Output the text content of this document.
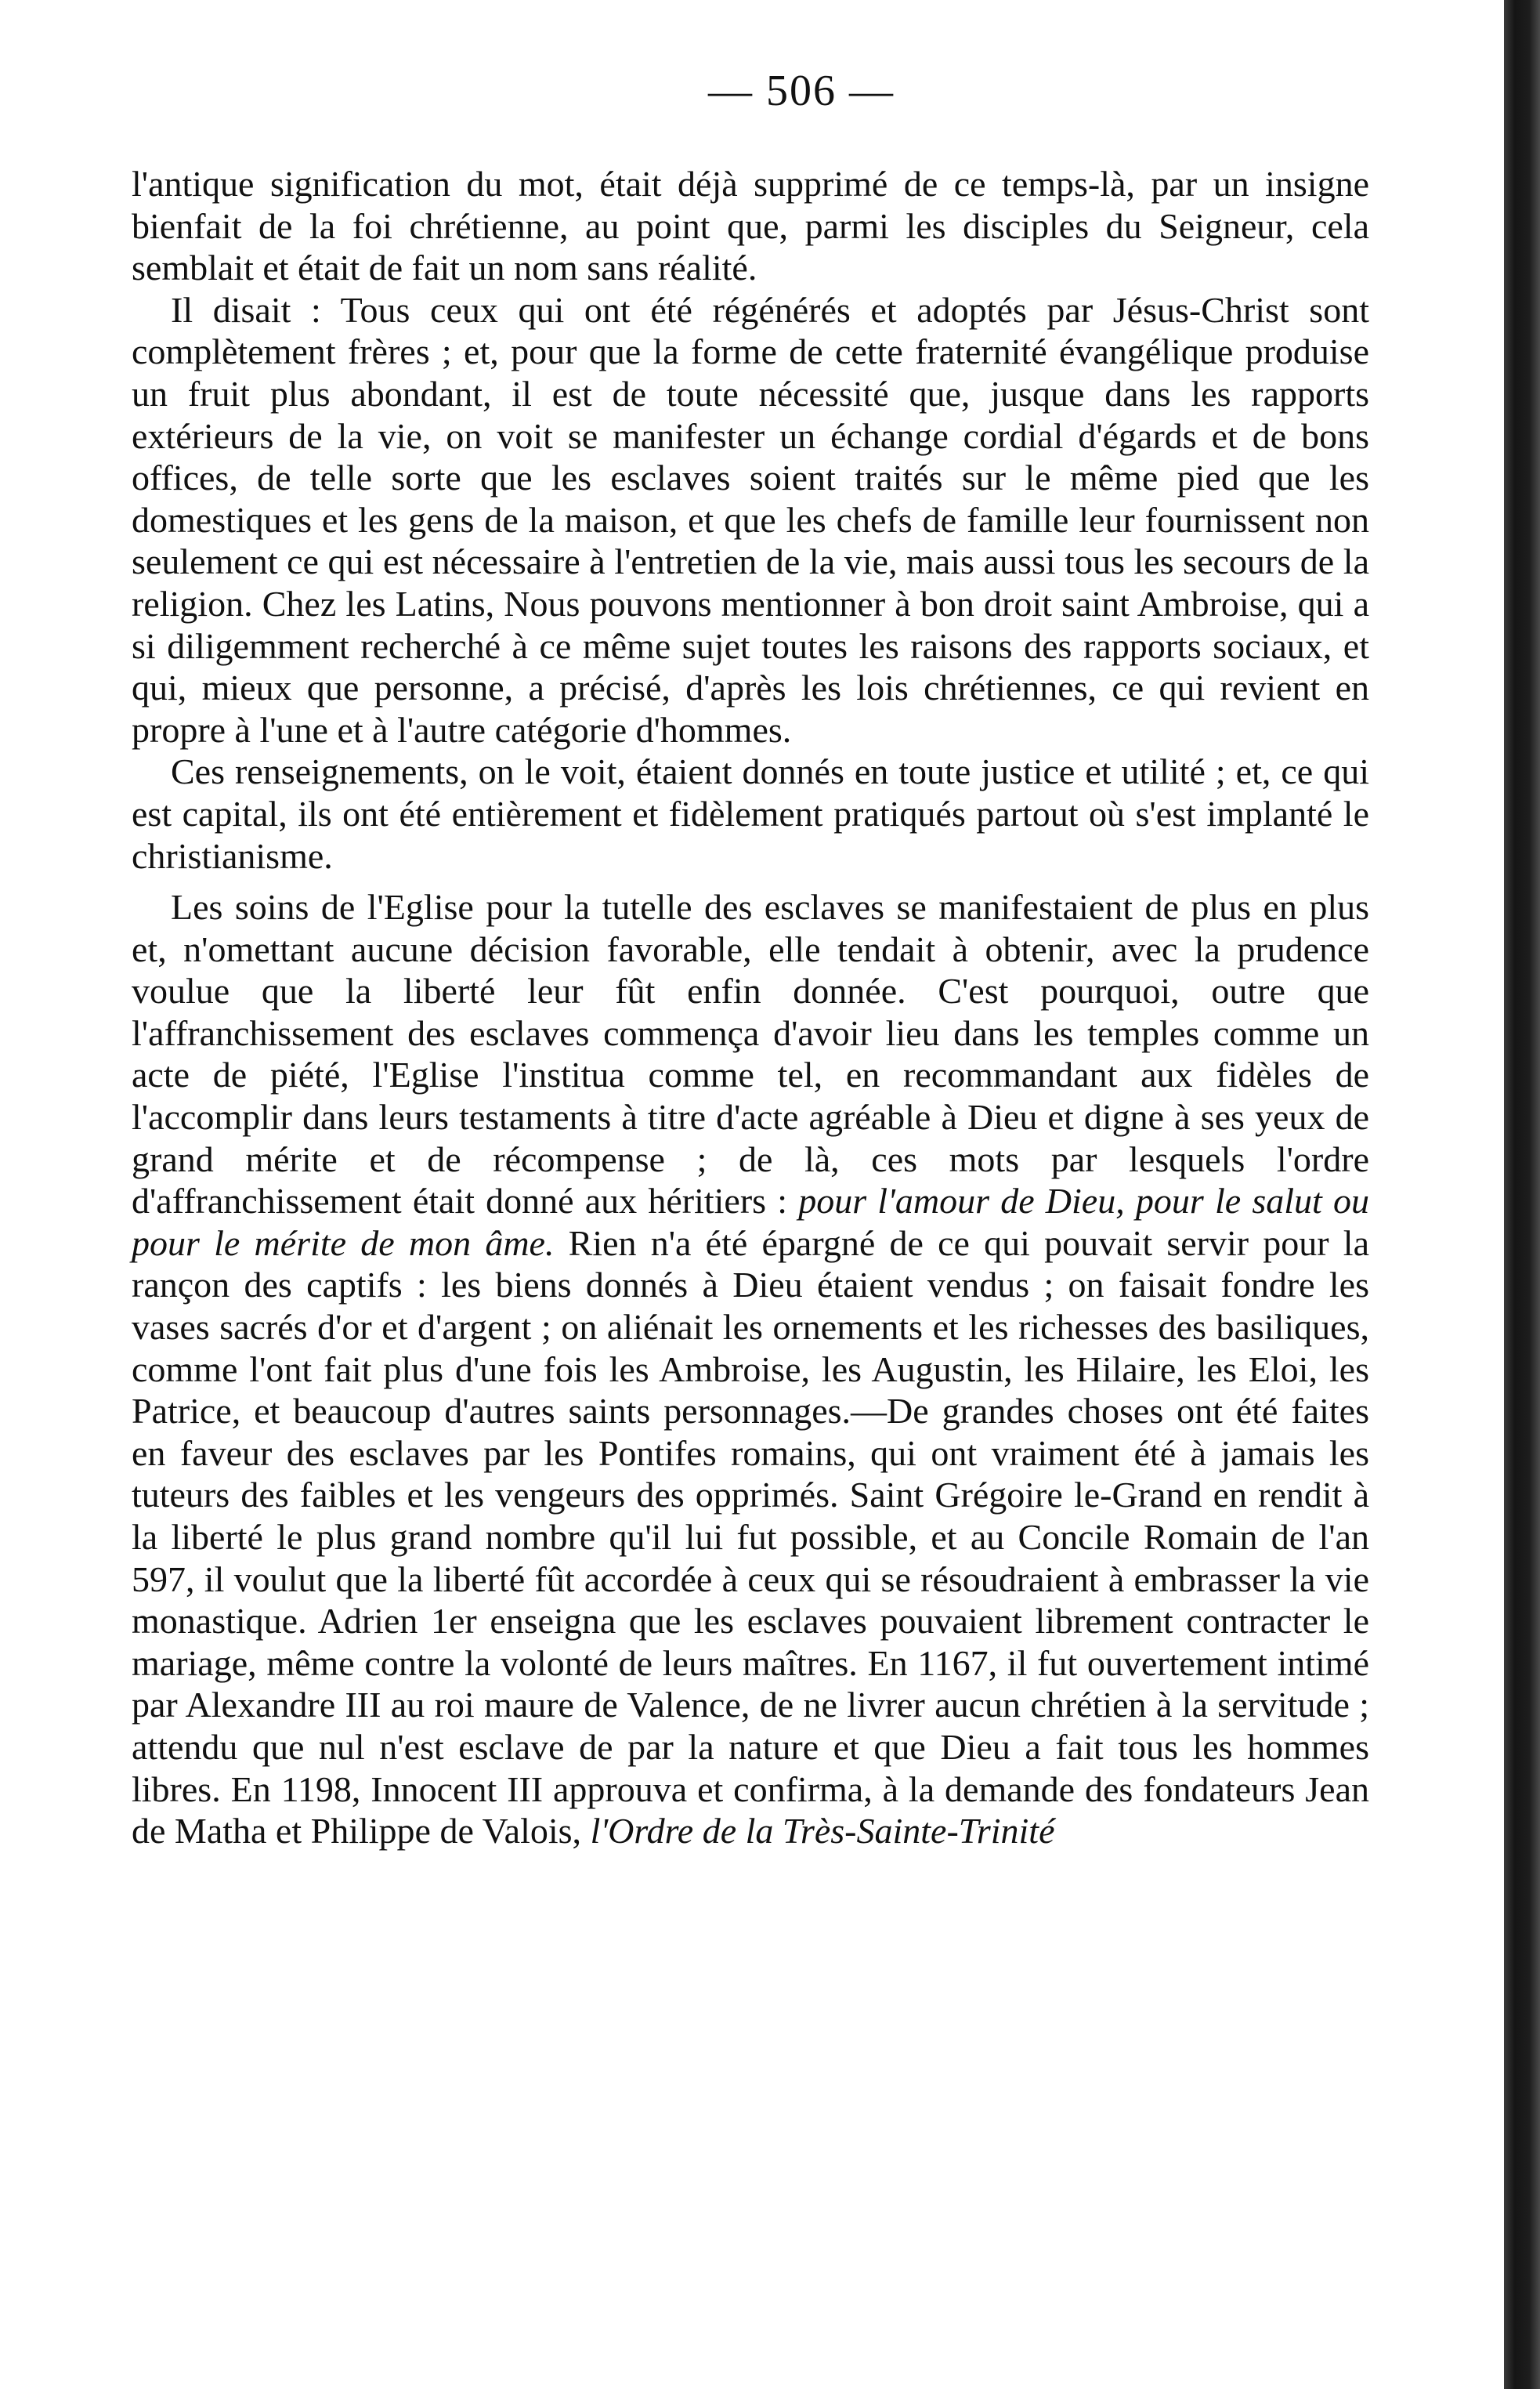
— 506 —

l'antique signification du mot, était déjà supprimé de ce temps-là, par un insigne bienfait de la foi chrétienne, au point que, parmi les disciples du Seigneur, cela semblait et était de fait un nom sans réalité.

Il disait : Tous ceux qui ont été régénérés et adoptés par Jésus-Christ sont complètement frères ; et, pour que la forme de cette fraternité évangélique produise un fruit plus abondant, il est de toute nécessité que, jusque dans les rapports extérieurs de la vie, on voit se manifester un échange cordial d'égards et de bons offices, de telle sorte que les esclaves soient traités sur le même pied que les domestiques et les gens de la maison, et que les chefs de famille leur fournissent non seulement ce qui est nécessaire à l'entretien de la vie, mais aussi tous les secours de la religion. Chez les Latins, Nous pouvons mentionner à bon droit saint Ambroise, qui a si diligemment recherché à ce même sujet toutes les raisons des rapports sociaux, et qui, mieux que personne, a précisé, d'après les lois chrétiennes, ce qui revient en propre à l'une et à l'autre catégorie d'hommes.

Ces renseignements, on le voit, étaient donnés en toute justice et utilité ; et, ce qui est capital, ils ont été entièrement et fidèlement pratiqués partout où s'est implanté le christianisme.

Les soins de l'Eglise pour la tutelle des esclaves se manifestaient de plus en plus et, n'omettant aucune décision favorable, elle tendait à obtenir, avec la prudence voulue que la liberté leur fût enfin donnée. C'est pourquoi, outre que l'affranchissement des esclaves commença d'avoir lieu dans les temples comme un acte de piété, l'Eglise l'institua comme tel, en recommandant aux fidèles de l'accomplir dans leurs testaments à titre d'acte agréable à Dieu et digne à ses yeux de grand mérite et de récompense ; de là, ces mots par lesquels l'ordre d'affranchissement était donné aux héritiers : pour l'amour de Dieu, pour le salut ou pour le mérite de mon âme. Rien n'a été épargné de ce qui pouvait servir pour la rançon des captifs : les biens donnés à Dieu étaient vendus ; on faisait fondre les vases sacrés d'or et d'argent ; on aliénait les ornements et les richesses des basiliques, comme l'ont fait plus d'une fois les Ambroise, les Augustin, les Hilaire, les Eloi, les Patrice, et beaucoup d'autres saints personnages.—De grandes choses ont été faites en faveur des esclaves par les Pontifes romains, qui ont vraiment été à jamais les tuteurs des faibles et les vengeurs des opprimés. Saint Grégoire le-Grand en rendit à la liberté le plus grand nombre qu'il lui fut possible, et au Concile Romain de l'an 597, il voulut que la liberté fût accordée à ceux qui se résoudraient à embrasser la vie monastique. Adrien 1er enseigna que les esclaves pouvaient librement contracter le mariage, même contre la volonté de leurs maîtres. En 1167, il fut ouvertement intimé par Alexandre III au roi maure de Valence, de ne livrer aucun chrétien à la servitude ; attendu que nul n'est esclave de par la nature et que Dieu a fait tous les hommes libres. En 1198, Innocent III approuva et confirma, à la demande des fondateurs Jean de Matha et Philippe de Valois, l'Ordre de la Très-Sainte-Trinité
